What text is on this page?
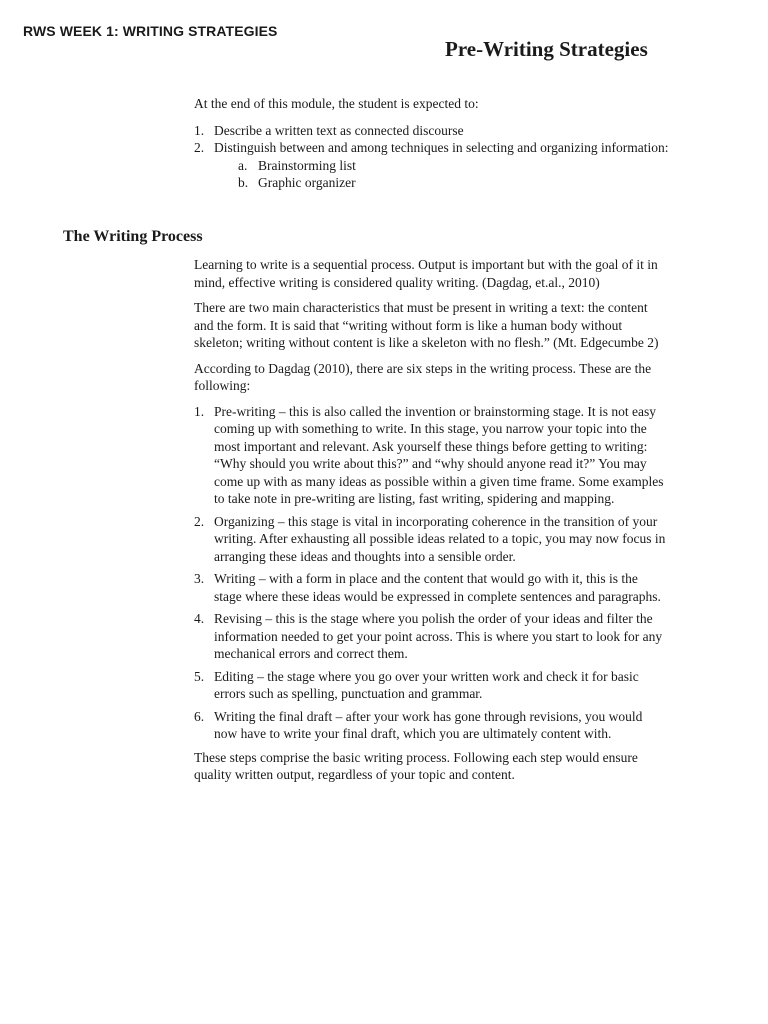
RWS WEEK 1: WRITING STRATEGIES
Pre-Writing Strategies

At the end of this module, the student is expected to:

1. Describe a written text as connected discourse
2. Distinguish between and among techniques in selecting and organizing information:
a. Brainstorming list
b. Graphic organizer
The Writing Process

Learning to write is a sequential process. Output is important but with the goal of it in mind, effective writing is considered quality writing. (Dagdag, et.al., 2010)

There are two main characteristics that must be present in writing a text: the content and the form. It is said that “writing without form is like a human body without skeleton; writing without content is like a skeleton with no flesh.” (Mt. Edgecumbe 2)

According to Dagdag (2010), there are six steps in the writing process. These are the following:

1. Pre-writing – this is also called the invention or brainstorming stage. It is not easy coming up with something to write. In this stage, you narrow your topic into the most important and relevant. Ask yourself these things before getting to writing: “Why should you write about this?” and “why should anyone read it?” You may come up with as many ideas as possible within a given time frame. Some examples to take note in pre-writing are listing, fast writing, spidering and mapping.
2. Organizing – this stage is vital in incorporating coherence in the transition of your writing. After exhausting all possible ideas related to a topic, you may now focus in arranging these ideas and thoughts into a sensible order.
3. Writing – with a form in place and the content that would go with it, this is the stage where these ideas would be expressed in complete sentences and paragraphs.
4. Revising – this is the stage where you polish the order of your ideas and filter the information needed to get your point across. This is where you start to look for any mechanical errors and correct them.
5. Editing – the stage where you go over your written work and check it for basic errors such as spelling, punctuation and grammar.
6. Writing the final draft – after your work has gone through revisions, you would now have to write your final draft, which you are ultimately content with.

These steps comprise the basic writing process. Following each step would ensure quality written output, regardless of your topic and content.
